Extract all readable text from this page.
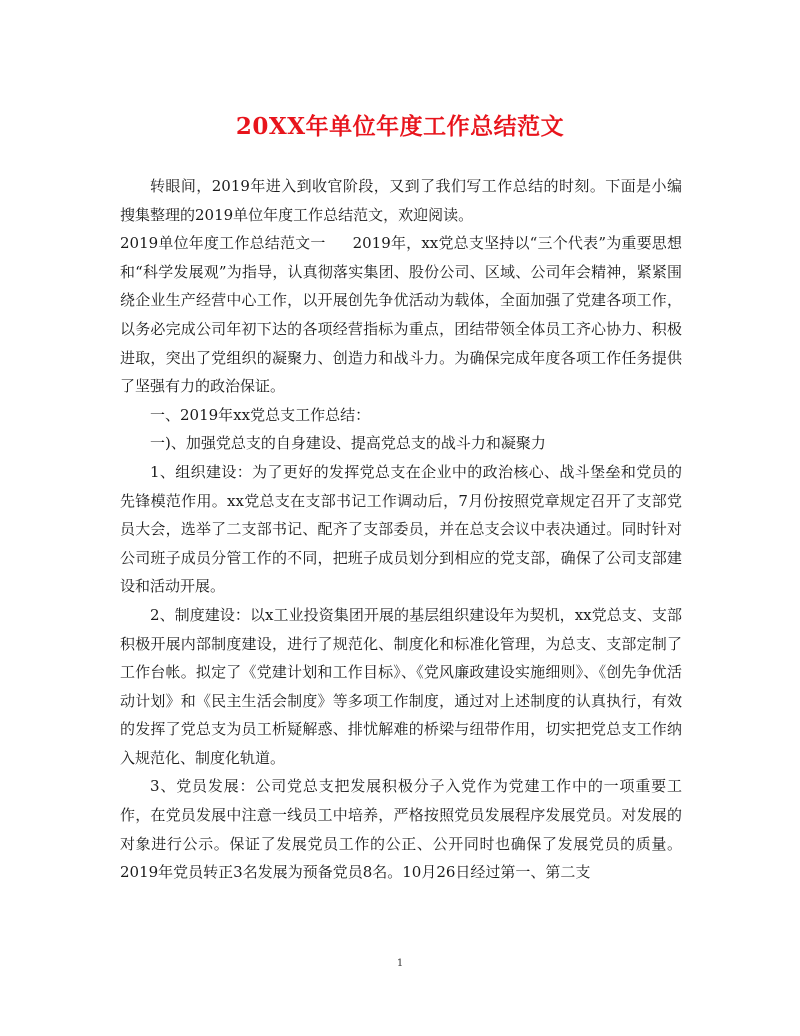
20XX年单位年度工作总结范文

转眼间，2019年进入到收官阶段，又到了我们写工作总结的时刻。下面是小编搜集整理的2019单位年度工作总结范文，欢迎阅读。

2019单位年度工作总结范文一 2019年，xx党总支坚持以“三个代表”为重要思想和“科学发展观”为指导，认真彻落实集团、股份公司、区域、公司年会精神，紧紧围绕企业生产经营中心工作，以开展创先争优活动为载体，全面加强了党建各项工作，以务必完成公司年初下达的各项经营指标为重点，团结带领全体员工齐心协力、积极进取，突出了党组织的凝聚力、创造力和战斗力。为确保完成年度各项工作任务提供了坚强有力的政治保证。

一、2019年xx党总支工作总结：

一)、加强党总支的自身建设、提高党总支的战斗力和凝聚力

1、组织建设：为了更好的发挥党总支在企业中的政治核心、战斗堡垒和党员的先锋模范作用。xx党总支在支部书记工作调动后，7月份按照党章规定召开了支部党员大会，选举了二支部书记、配齐了支部委员，并在总支会议中表决通过。同时针对公司班子成员分管工作的不同，把班子成员划分到相应的党支部，确保了公司支部建设和活动开展。

2、制度建设：以x工业投资集团开展的基层组织建设年为契机，xx党总支、支部积极开展内部制度建设，进行了规范化、制度化和标准化管理，为总支、支部定制了工作台帐。拟定了《党建计划和工作目标》、《党风廉政建设实施细则》、《创先争优活动计划》和《民主生活会制度》等多项工作制度，通过对上述制度的认真执行，有效的发挥了党总支为员工析疑解惑、排忧解难的桥梁与纽带作用，切实把党总支工作纳入规范化、制度化轨道。

3、党员发展：公司党总支把发展积极分子入党作为党建工作中的一项重要工作，在党员发展中注意一线员工中培养，严格按照党员发展程序发展党员。对发展的对象进行公示。保证了发展党员工作的公正、公开同时也确保了发展党员的质量。2019年党员转正3名发展为预备党员8名。10月26日经过第一、第二支

1
